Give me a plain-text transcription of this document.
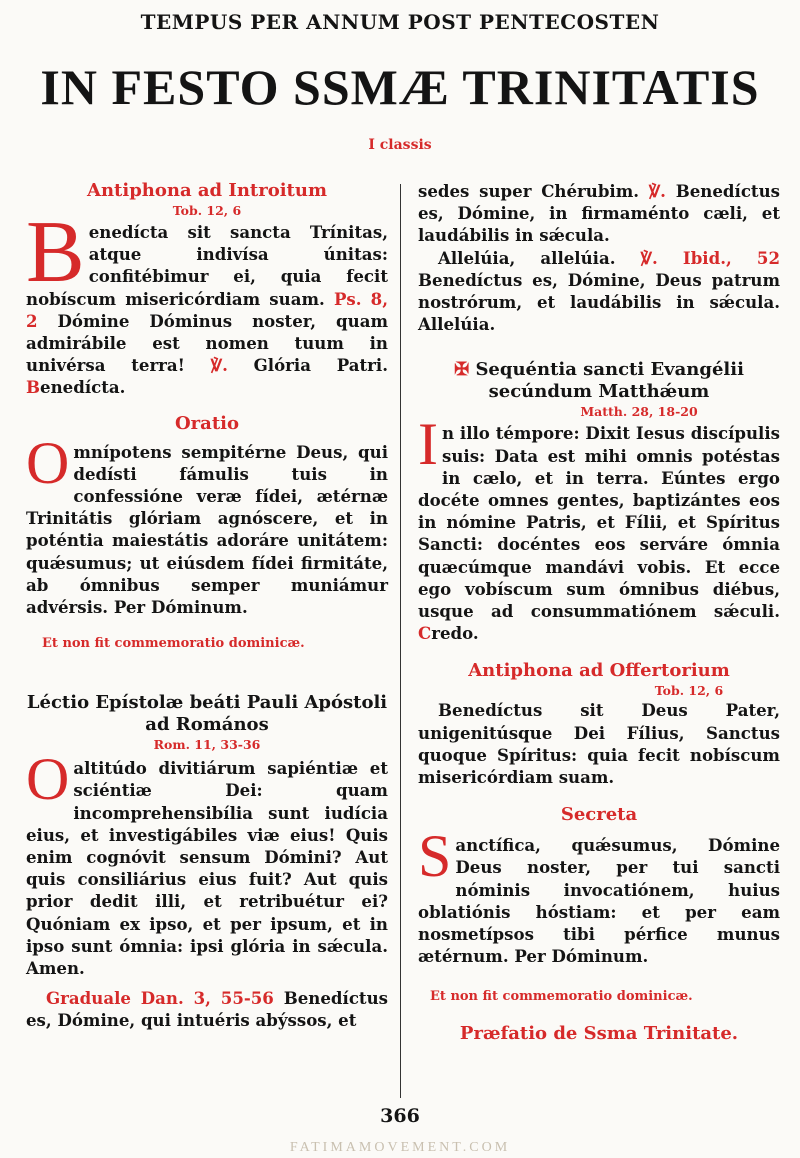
TEMPUS PER ANNUM POST PENTECOSTEN
IN FESTO SSMÆ TRINITATIS
I classis
Antiphona ad Introitum
Tob. 12, 6
Benedícta sit sancta Trínitas, atque indivísa únitas: confitébimur ei, quia fecit nobíscum misericórdiam suam. Ps. 8, 2 Dómine Dóminus noster, quam admirábile est nomen tuum in univérsa terra! ℣. Glória Patri. Benedícta.
Oratio
Omnípotens sempitérne Deus, qui dedísti fámulis tuis in confessióne veræ fídei, ætérnæ Trinitátis glóriam agnóscere, et in poténtia maiestátis adoráre unitátem: quǽsumus; ut eiúsdem fídei firmitáte, ab ómnibus semper muniámur advérsis. Per Dóminum.
Et non fit commemoratio dominicæ.
Léctio Epístolæ beáti Pauli Apóstoli ad Romános
Rom. 11, 33-36
Oaltitúdo divitiárum sapiéntiæ et sciéntiæ Dei: quam incomprehensibília sunt iudícia eius, et investigábiles viæ eius! Quis enim cognóvit sensum Dómini? Aut quis consiliárius eius fuit? Aut quis prior dedit illi, et retribuétur ei? Quóniam ex ipso, et per ipsum, et in ipso sunt ómnia: ipsi glória in sǽcula. Amen.
Graduale Dan. 3, 55-56 Benedíctus es, Dómine, qui intuéris abýssos, et
sedes super Chérubim. ℣. Benedíctus es, Dómine, in firmaménto cæli, et laudábilis in sǽcula.
Allelúia, allelúia. ℣. Ibid., 52 Benedíctus es, Dómine, Deus patrum nostrórum, et laudábilis in sǽcula. Allelúia.
✠ Sequéntia sancti Evangélii secúndum Matthǽum
Matth. 28, 18-20
In illo témpore: Dixit Iesus discípulis suis: Data est mihi omnis potéstas in cælo, et in terra. Eúntes ergo docéte omnes gentes, baptizántes eos in nómine Patris, et Fílii, et Spíritus Sancti: docéntes eos serváre ómnia quæcúmque mandávi vobis. Et ecce ego vobíscum sum ómnibus diébus, usque ad consummatiónem sǽculi. Credo.
Antiphona ad Offertorium
Tob. 12, 6
Benedíctus sit Deus Pater, unigenitúsque Dei Fílius, Sanctus quoque Spíritus: quia fecit nobíscum misericórdiam suam.
Secreta
Sanctífica, quǽsumus, Dómine Deus noster, per tui sancti nóminis invocatiónem, huius oblatiónis hóstiam: et per eam nosmetípsos tibi pérfice munus ætérnum. Per Dóminum.
Et non fit commemoratio dominicæ.
Præfatio de Ssma Trinitate.
366
FATIMAMOVEMENT.COM
